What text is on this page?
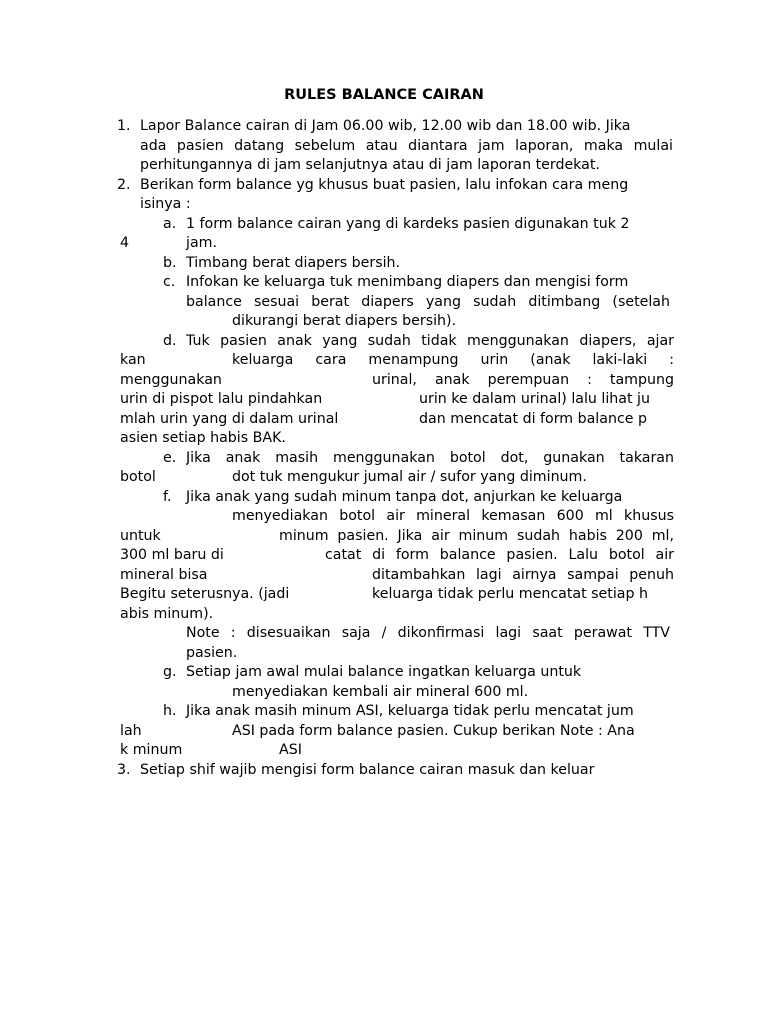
RULES BALANCE CAIRAN
1. Lapor Balance cairan di Jam 06.00 wib, 12.00 wib dan 18.00 wib. Jika
ada pasien datang sebelum atau diantara jam laporan, maka mulai
perhitungannya di jam selanjutnya atau di jam laporan terdekat.
2. Berikan form balance yg khusus buat pasien, lalu infokan cara meng
isinya :
a. 1 form balance cairan yang di kardeks pasien digunakan tuk 2
4	jam.
b. Timbang berat diapers bersih.
c. Infokan ke keluarga tuk menimbang diapers dan mengisi form
balance sesuai berat diapers yang sudah ditimbang (setelah
dikurangi berat diapers bersih).
d. Tuk pasien anak yang sudah tidak menggunakan diapers, ajar
kan	keluarga cara menampung urin (anak laki-laki :
menggunakan	urinal, anak perempuan : tampung
urin di pispot lalu pindahkan	urin ke dalam urinal) lalu lihat ju
mlah urin yang di dalam urinal	dan mencatat di form balance p
asien setiap habis BAK.
e. Jika anak masih menggunakan botol dot, gunakan takaran
botol	dot tuk mengukur jumal air / sufor yang diminum.
f. Jika anak yang sudah minum tanpa dot, anjurkan ke keluarga
menyediakan botol air mineral kemasan 600 ml khusus
untuk	minum pasien. Jika air minum sudah habis 200 ml,
300 ml baru di	catat di form balance pasien. Lalu botol air
mineral bisa	ditambahkan lagi airnya sampai penuh
Begitu seterusnya. (jadi	keluarga tidak perlu mencatat setiap h
abis minum).
Note : disesuaikan saja / dikonfirmasi lagi saat perawat TTV
pasien.
g. Setiap jam awal mulai balance ingatkan keluarga untuk
menyediakan kembali air mineral 600 ml.
h. Jika anak masih minum ASI, keluarga tidak perlu mencatat jum
lah	ASI pada form balance pasien. Cukup berikan Note : Ana
k minum	ASI
3. Setiap shif wajib mengisi form balance cairan masuk dan keluar
